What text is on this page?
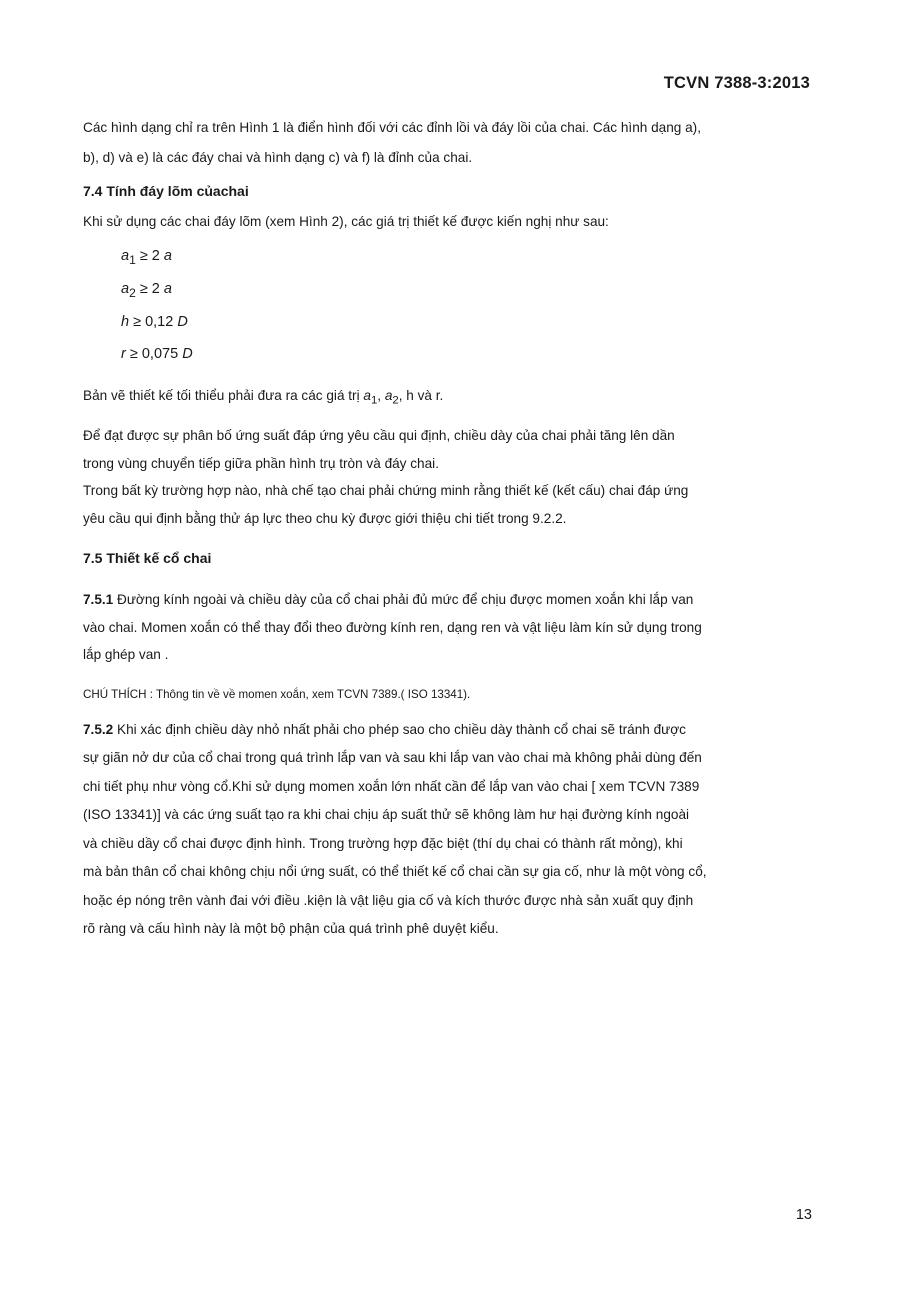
TCVN 7388-3:2013
Các hình dạng chỉ ra trên Hình 1 là điển hình đối với các đỉnh lồi và đáy lồi của chai. Các hình dạng a),
b), d) và e) là các đáy chai và hình dạng c) và f) là đỉnh của chai.
7.4 Tính đáy lõm củachai
Khi sử dụng các chai đáy lõm (xem Hình 2), các giá trị thiết kế được kiến nghị như sau:
$a_1 \ge 2$ a
$a_2 \ge 2$ a
h ≥ 0,12 D
r ≥ 0,075 D
Bản vẽ thiết kế tối thiểu phải đưa ra các giá trị $a_1$, $a_2$, h và r.
Để đạt được sự phân bố ứng suất đáp ứng yêu cầu qui định, chiều dày của chai phải tăng lên dần
trong vùng chuyển tiếp giữa phần hình trụ tròn và đáy chai.
Trong bất kỳ trường hợp nào, nhà chế tạo chai phải chứng minh rằng thiết kế (kết cấu) chai đáp ứng
yêu cầu qui định bằng thử áp lực theo chu kỳ được giới thiệu chi tiết trong 9.2.2.
7.5 Thiết kế cổ chai
7.5.1 Đường kính ngoài và chiều dày của cổ chai phải đủ mức để chịu được momen xoắn khi lắp van
vào chai. Momen xoắn có thể thay đổi theo đường kính ren, dạng ren và vật liệu làm kín sử dụng trong
lắp ghép van .
CHÚ THÍCH : Thông tin về về momen xoắn, xem TCVN 7389.( ISO 13341).
7.5.2 Khi xác định chiều dày nhỏ nhất phải cho phép sao cho chiều dày thành cổ chai sẽ tránh được
sự giãn nở dư của cổ chai trong quá trình lắp van và sau khi lắp van vào chai mà không phải dùng đến
chi tiết phụ như vòng cổ.Khi sử dụng momen xoắn lớn nhất cần để lắp van vào chai [ xem TCVN 7389
(ISO 13341)] và các ứng suất tạo ra khi chai chịu áp suất thử sẽ không làm hư hại đường kính ngoài
và chiều dầy cổ chai được định hình. Trong trường hợp đặc biệt (thí dụ chai có thành rất mỏng), khi
mà bản thân cổ chai không chịu nổi ứng suất, có thể thiết kế cổ chai cần sự gia cố, như là một vòng cổ,
hoặc ép nóng trên vành đai với điều .kiện là vật liệu gia cố và kích thước được nhà sản xuất quy định
rõ ràng và cấu hình này là một bộ phận của quá trình phê duyệt kiểu.
13
